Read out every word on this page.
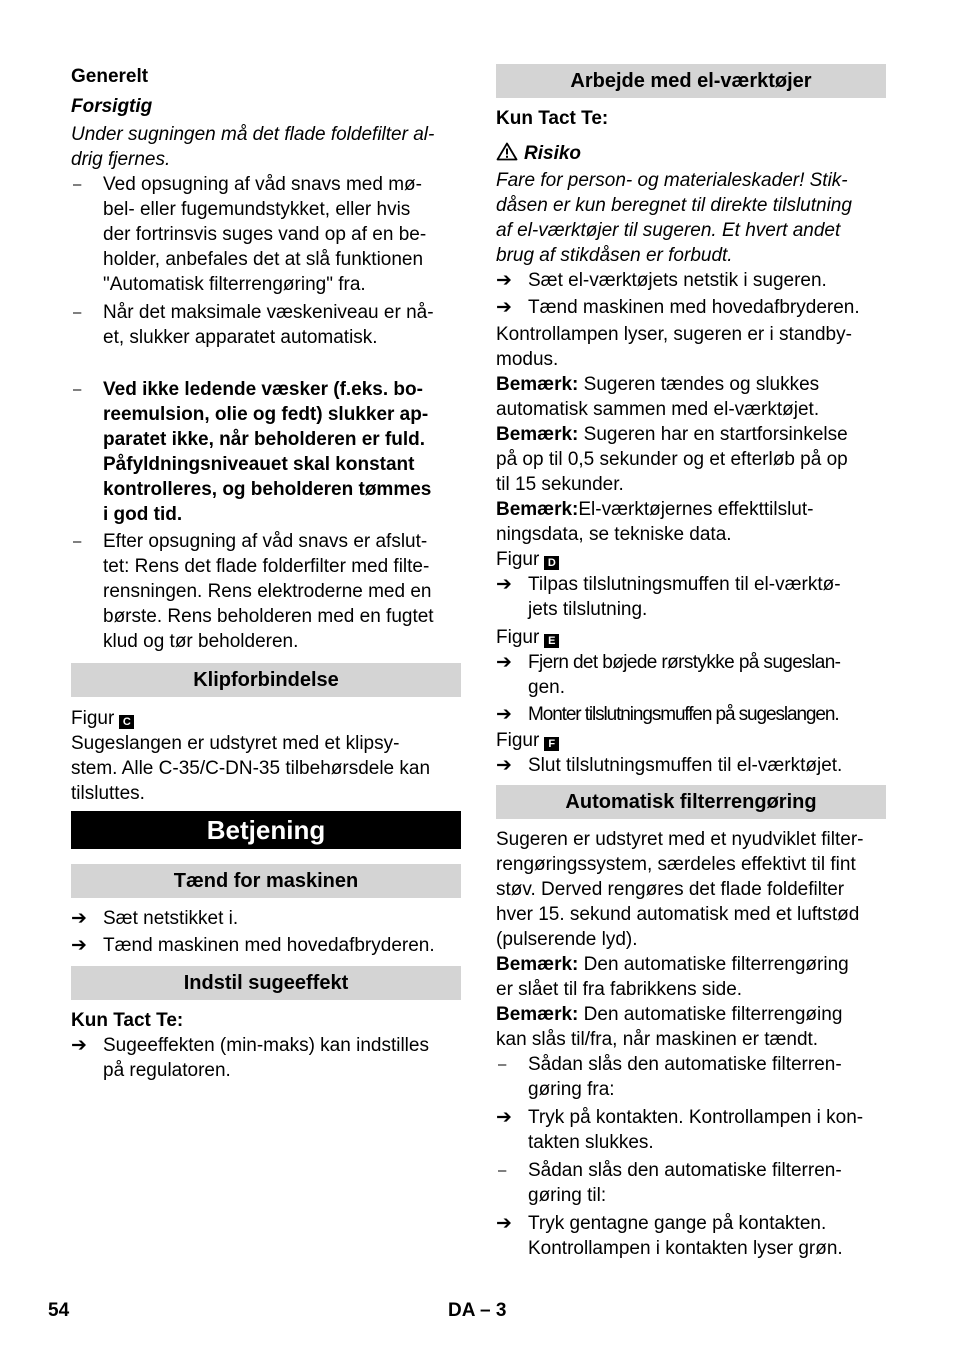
Generelt

Forsigtig

Under sugningen må det flade foldefilter al-
drig fjernes.

–	Ved opsugning af våd snavs med mø-
bel- eller fugemundstykket, eller hvis
der fortrinsvis suges vand op af en be-
holder, anbefales det at slå funktionen
"Automatisk filterrengøring" fra.
–	Når det maksimale væskeniveau er nå-
et, slukker apparatet automatisk.
–	Ved ikke ledende væsker (f.eks. bo-
reemulsion, olie og fedt) slukker ap-
paratet ikke, når beholderen er fuld.
Påfyldningsniveauet skal konstant
kontrolleres, og beholderen tømmes
i god tid.
–	Efter opsugning af våd snavs er afslut-
tet: Rens det flade folderfilter med filte-
rensningen. Rens elektroderne med en
børste. Rens beholderen med en fugtet
klud og tør beholderen.
Klipforbindelse

Figur C

Sugeslangen er udstyret med et klipsy-
stem. Alle C-35/C-DN-35 tilbehørsdele kan
tilsluttes.

Betjening
Tænd for maskinen
➔ Sæt netstikket i.
➔ Tænd maskinen med hovedafbryderen.
Indstil sugeeffekt

Kun Tact Te:

➔ Sugeeffekten (min-maks) kan indstilles
på regulatoren.
Arbejde med el-værktøjer

Kun Tact Te:

Risiko

Fare for person- og materialeskader! Stik-
dåsen er kun beregnet til direkte tilslutning
af el-værktøjer til sugeren. Et hvert andet
brug af stikdåsen er forbudt.

➔ Sæt el-værktøjets netstik i sugeren.
➔ Tænd maskinen med hovedafbryderen.

Kontrollampen lyser, sugeren er i standby-
modus.

Bemærk: Sugeren tændes og slukkes
automatisk sammen med el-værktøjet.

Bemærk: Sugeren har en startforsinkelse
på op til 0,5 sekunder og et efterløb på op
til 15 sekunder.

Bemærk:El-værktøjernes effekttilslut-
ningsdata, se tekniske data.

Figur D

➔ Tilpas tilslutningsmuffen til el-værktø-
jets tilslutning.

Figur E

➔ Fjern det bøjede rørstykke på sugeslan-
gen.
➔ Monter tilslutningsmuffen på sugeslangen.

Figur F

➔ Slut tilslutningsmuffen til el-værktøjet.
Automatisk filterrengøring

Sugeren er udstyret med et nyudviklet filter-
rengøringssystem, særdeles effektivt til fint
støv. Derved rengøres det flade foldefilter
hver 15. sekund automatisk med et luftstød
(pulserende lyd).

Bemærk: Den automatiske filterrengøring
er slået til fra fabrikkens side.

Bemærk: Den automatiske filterrengøing
kan slås til/fra, når maskinen er tændt.

–	Sådan slås den automatiske filterren-
gøring fra:
➔ Tryk på kontakten. Kontrollampen i kon-
takten slukkes.
–	Sådan slås den automatiske filterren-
gøring til:
➔ Tryk gentagne gange på kontakten.
Kontrollampen i kontakten lyser grøn.
54	DA – 3
